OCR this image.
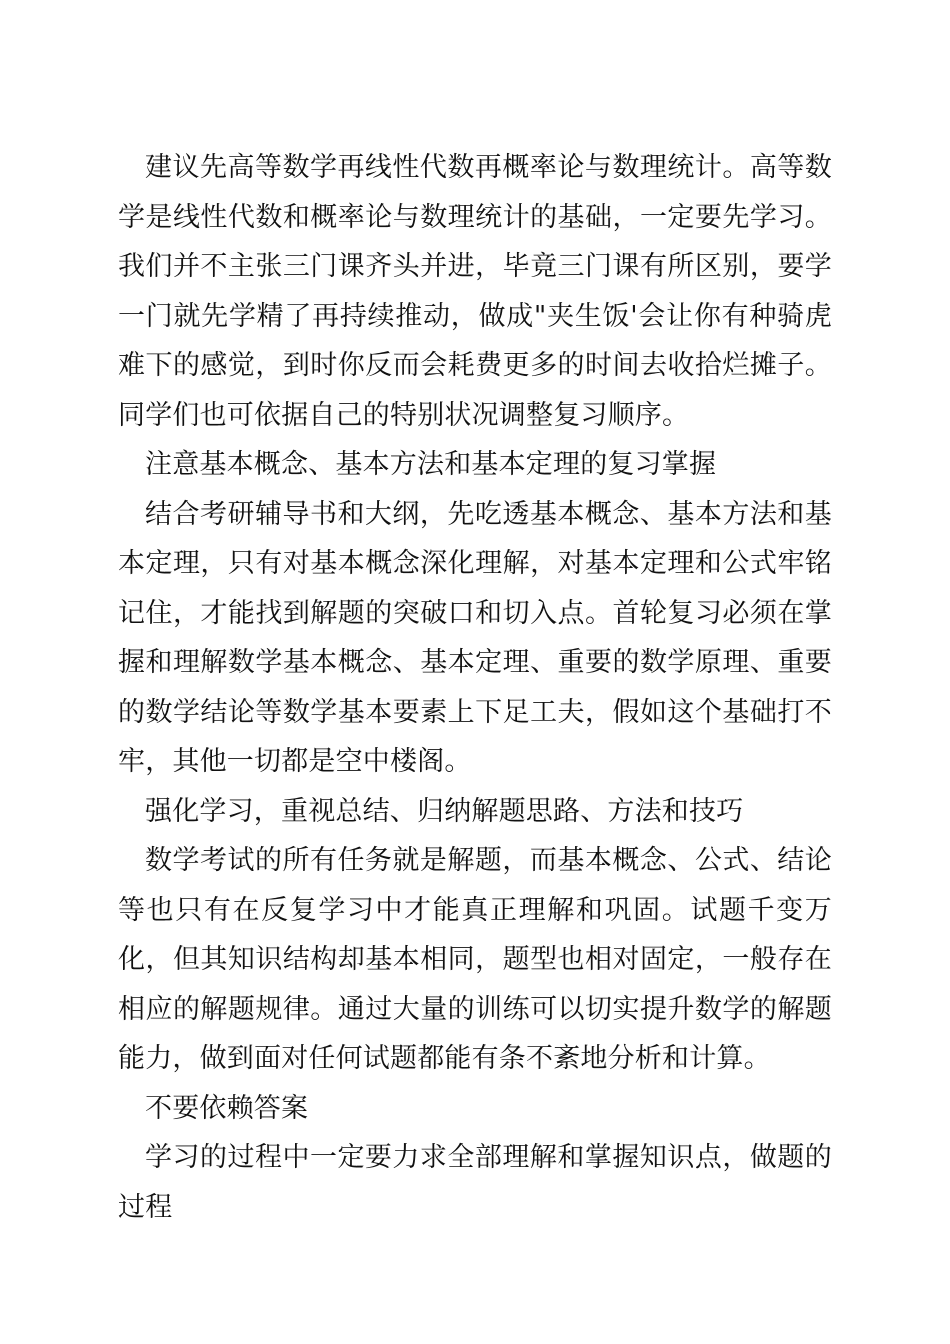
建议先高等数学再线性代数再概率论与数理统计。高等数学是线性代数和概率论与数理统计的基础，一定要先学习。我们并不主张三门课齐头并进，毕竟三门课有所区别，要学一门就先学精了再持续推动，做成"夹生饭'会让你有种骑虎难下的感觉，到时你反而会耗费更多的时间去收拾烂摊子。同学们也可依据自己的特别状况调整复习顺序。

注意基本概念、基本方法和基本定理的复习掌握

结合考研辅导书和大纲，先吃透基本概念、基本方法和基本定理，只有对基本概念深化理解，对基本定理和公式牢铭记住，才能找到解题的突破口和切入点。首轮复习必须在掌握和理解数学基本概念、基本定理、重要的数学原理、重要的数学结论等数学基本要素上下足工夫，假如这个基础打不牢，其他一切都是空中楼阁。

强化学习，重视总结、归纳解题思路、方法和技巧

数学考试的所有任务就是解题，而基本概念、公式、结论等也只有在反复学习中才能真正理解和巩固。试题千变万化，但其知识结构却基本相同，题型也相对固定，一般存在相应的解题规律。通过大量的训练可以切实提升数学的解题能力，做到面对任何试题都能有条不紊地分析和计算。

不要依赖答案

学习的过程中一定要力求全部理解和掌握知识点，做题的过程
